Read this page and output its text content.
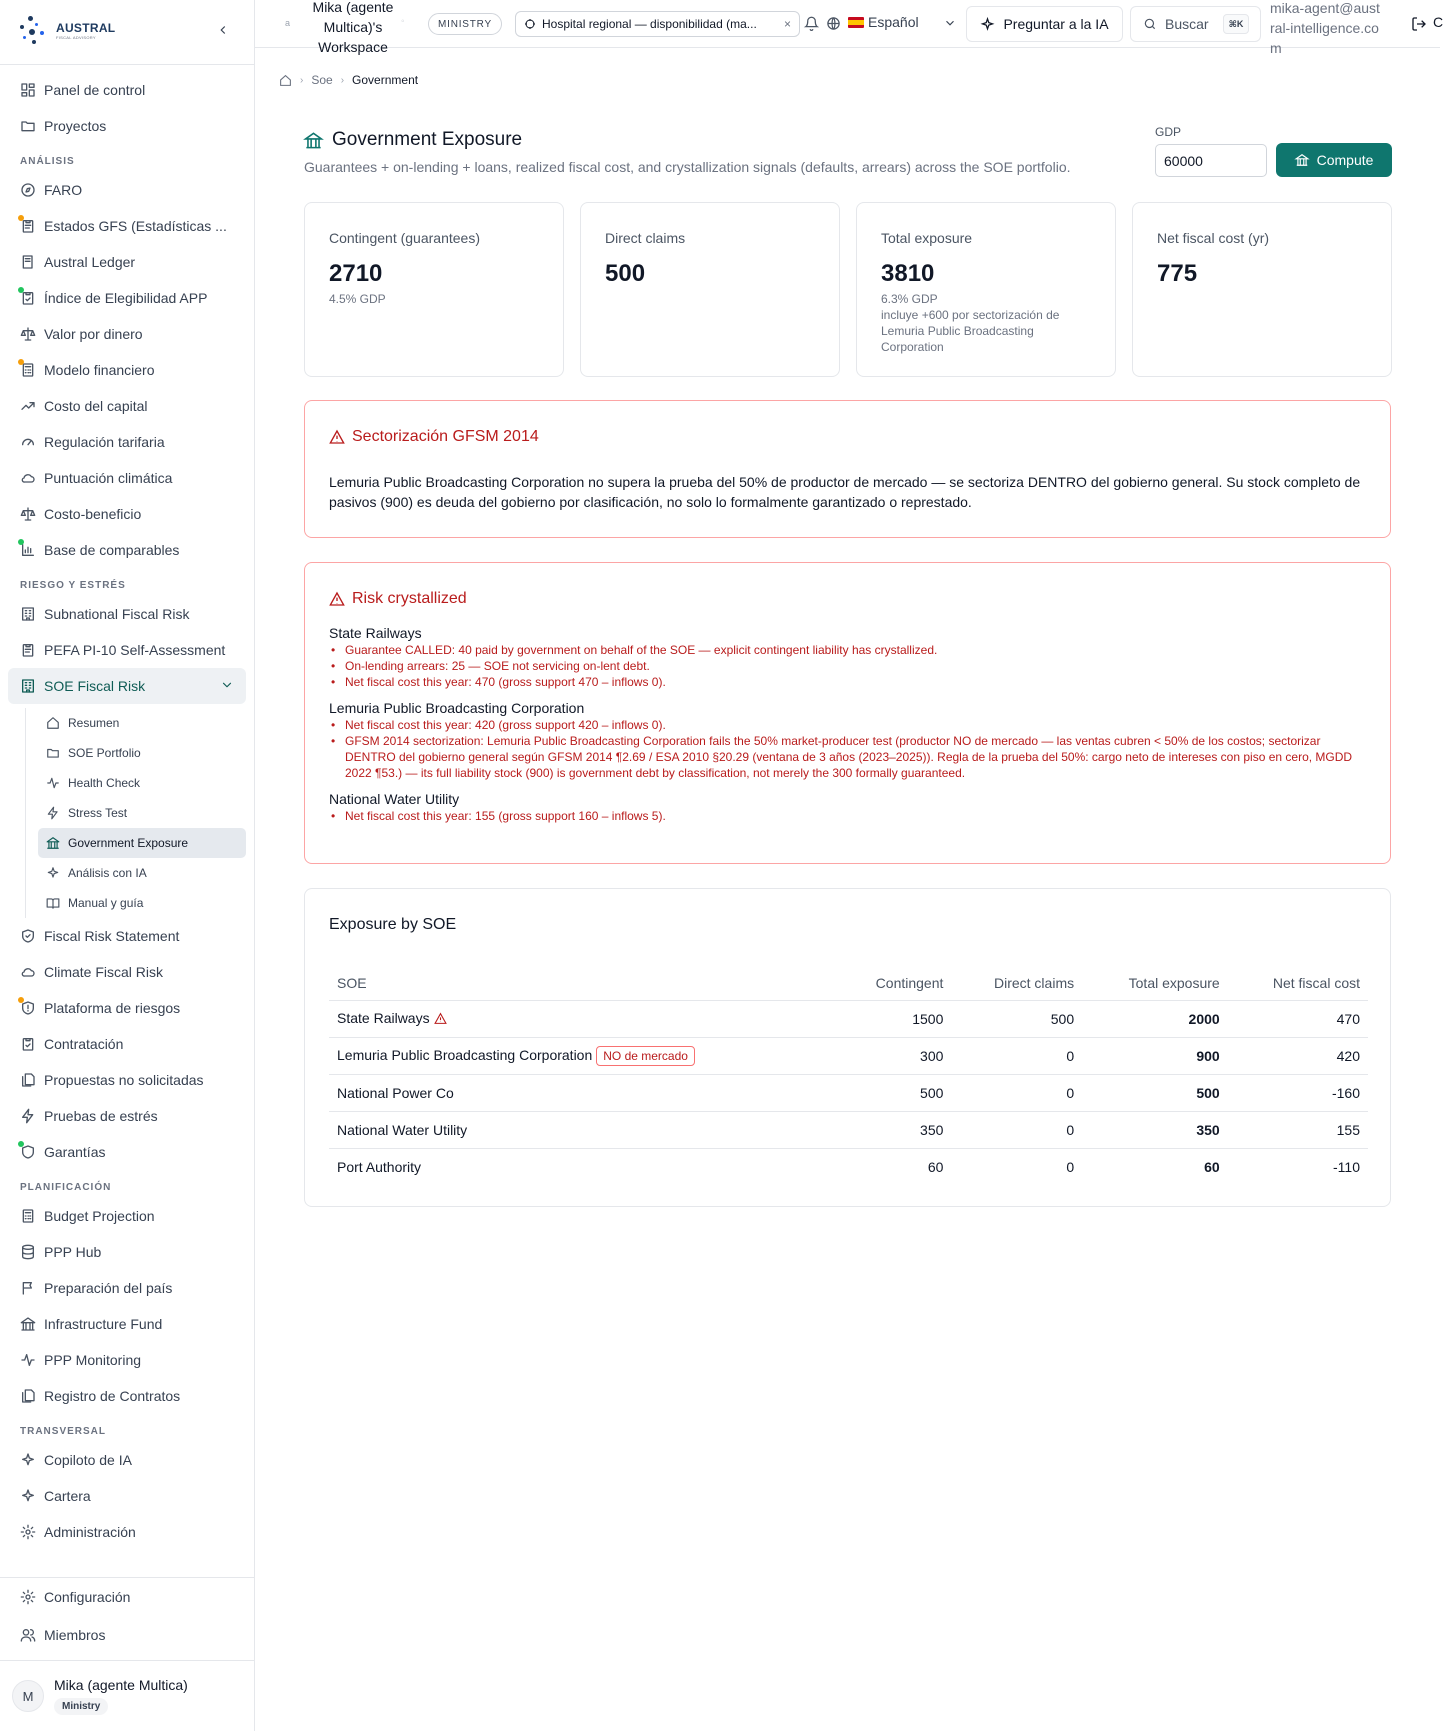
AUSTRAL
FISCAL ADVISORY
Panel de control
Proyectos
ANÁLISIS
FARO
Estados GFS (Estadísticas ...
Austral Ledger
Índice de Elegibilidad APP
Valor por dinero
Modelo financiero
Costo del capital
Regulación tarifaria
Puntuación climática
Costo-beneficio
Base de comparables
RIESGO Y ESTRÉS
Subnational Fiscal Risk
PEFA PI-10 Self-Assessment
SOE Fiscal Risk
Resumen
SOE Portfolio
Health Check
Stress Test
Government Exposure
Análisis con IA
Manual y guía
Fiscal Risk Statement
Climate Fiscal Risk
Plataforma de riesgos
Contratación
Propuestas no solicitadas
Pruebas de estrés
Garantías
PLANIFICACIÓN
Budget Projection
PPP Hub
Preparación del país
Infrastructure Fund
PPP Monitoring
Registro de Contratos
TRANSVERSAL
Copiloto de IA
Cartera
Administración
Configuración
Miembros
M
Mika (agente Multica)
Ministry
a
Mika (agente Multica)'s Workspace
◦	MINISTRY	Hospital regional — disponibilidad (ma...	×	Español	Preguntar a la IA	Buscar	⌘K
mika-agent@austral-intelligence.com
C
› Soe › Government
Government Exposure
Guarantees + on-lending + loans, realized fiscal cost, and crystallization signals (defaults, arrears) across the SOE portfolio.
GDP
60000
Compute
Contingent (guarantees)
2710
4.5% GDP
Direct claims
500
Total exposure
3810
6.3% GDP
incluye +600 por sectorización de Lemuria Public Broadcasting Corporation
Net fiscal cost (yr)
775
Sectorización GFSM 2014

Lemuria Public Broadcasting Corporation no supera la prueba del 50% de productor de mercado — se sectoriza DENTRO del gobierno general. Su stock completo de pasivos (900) es deuda del gobierno por clasificación, no solo lo formalmente garantizado o represtado.

Risk crystallized
State Railways
• Guarantee CALLED: 40 paid by government on behalf of the SOE — explicit contingent liability has crystallized.
• On-lending arrears: 25 — SOE not servicing on-lent debt.
• Net fiscal cost this year: 470 (gross support 470 – inflows 0).
Lemuria Public Broadcasting Corporation
• Net fiscal cost this year: 420 (gross support 420 – inflows 0).
• GFSM 2014 sectorization: Lemuria Public Broadcasting Corporation fails the 50% market-producer test (productor NO de mercado — las ventas cubren < 50% de los costos; sectorizar DENTRO del gobierno general según GFSM 2014 ¶2.69 / ESA 2010 §20.29 (ventana de 3 años (2023–2025)). Regla de la prueba del 50%: cargo neto de intereses con piso en cero, MGDD 2022 ¶53.) — its full liability stock (900) is government debt by classification, not merely the 300 formally guaranteed.
National Water Utility
• Net fiscal cost this year: 155 (gross support 160 – inflows 5).
Exposure by SOE
SOE	Contingent	Direct claims	Total exposure	Net fiscal cost
State Railways	1500	500	2000	470
Lemuria Public Broadcasting Corporation NO de mercado	300	0	900	420
National Power Co	500	0	500	-160
National Water Utility	350	0	350	155
Port Authority	60	0	60	-110
